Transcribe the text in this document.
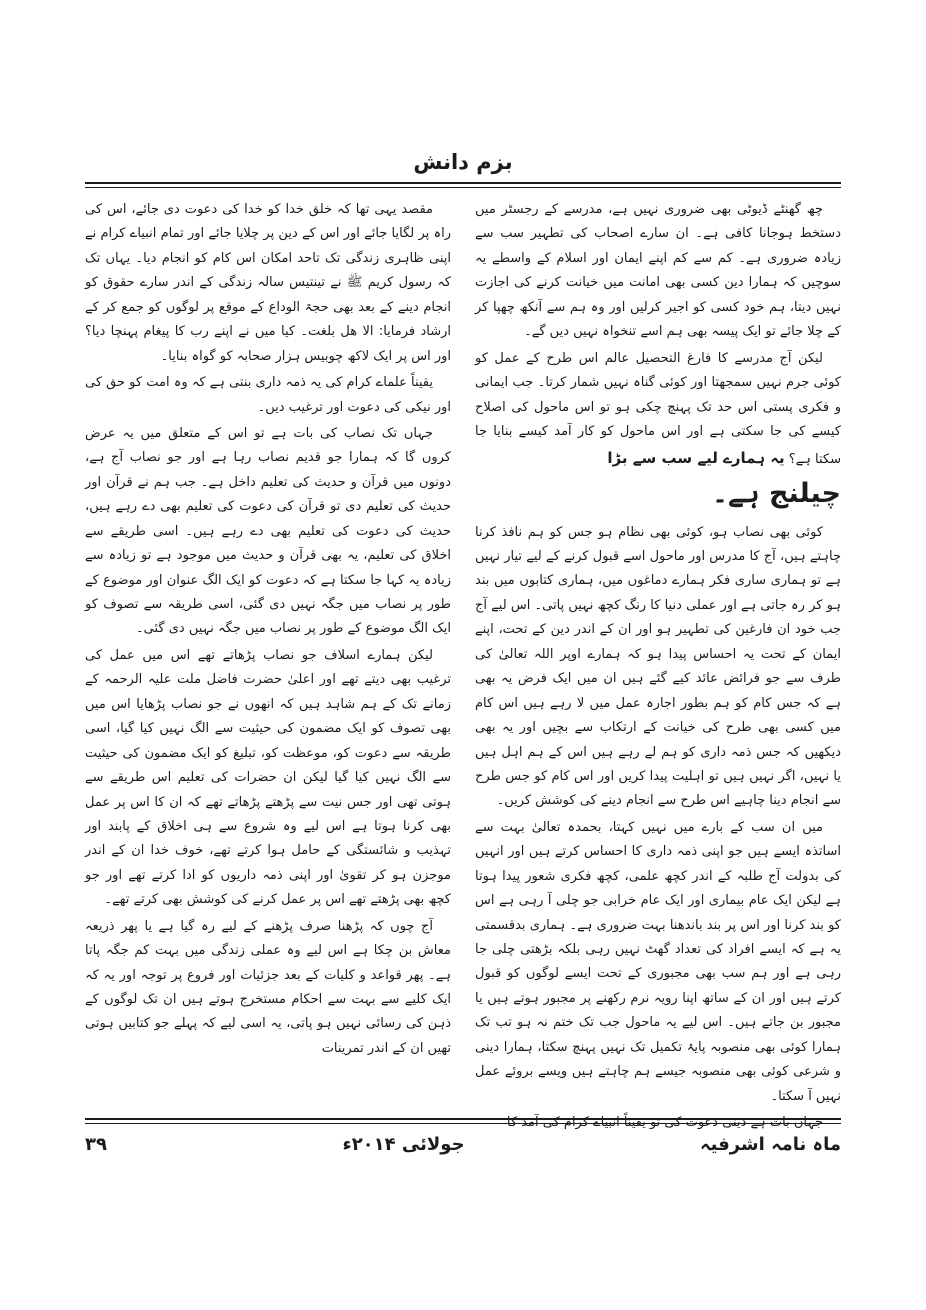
بزم دانش

چھ گھنٹے ڈیوٹی بھی ضروری نہیں ہے، مدرسے کے رجسٹر میں دستخط ہوجانا کافی ہے۔ ان سارے اصحاب کی تطہیر سب سے زیادہ ضروری ہے۔ کم سے کم اپنے ایمان اور اسلام کے واسطے یہ سوچیں کہ ہمارا دین کسی بھی امانت میں خیانت کرنے کی اجازت نہیں دیتا، ہم خود کسی کو اجیر کرلیں اور وہ ہم سے آنکھ چھپا کر کے چلا جائے تو ایک پیسہ بھی ہم اسے تنخواہ نہیں دیں گے۔

لیکن آج مدرسے کا فارغ التحصیل عالم اس طرح کے عمل کو کوئی جرم نہیں سمجھتا اور کوئی گناہ نہیں شمار کرتا۔ جب ایمانی و فکری پستی اس حد تک پہنچ چکی ہو تو اس ماحول کی اصلاح کیسے کی جا سکتی ہے اور اس ماحول کو کار آمد کیسے بنایا جا سکتا ہے؟ یہ ہمارے لیے سب سے بڑا

چیلنج ہے۔

کوئی بھی نصاب ہو، کوئی بھی نظام ہو جس کو ہم نافذ کرنا چاہتے ہیں، آج کا مدرس اور ماحول اسے قبول کرنے کے لیے تیار نہیں ہے تو ہماری ساری فکر ہمارے دماغوں میں، ہماری کتابوں میں بند ہو کر رہ جاتی ہے اور عملی دنیا کا رنگ کچھ نہیں پاتی۔ اس لیے آج جب خود ان فارغین کی تطہیر ہو اور ان کے اندر دین کے تحت، اپنے ایمان کے تحت یہ احساس پیدا ہو کہ ہمارے اوپر اللہ تعالیٰ کی طرف سے جو فرائض عائد کیے گئے ہیں ان میں ایک فرض یہ بھی ہے کہ جس کام کو ہم بطور اجارہ عمل میں لا رہے ہیں اس کام میں کسی بھی طرح کی خیانت کے ارتکاب سے بچیں اور یہ بھی دیکھیں کہ جس ذمہ داری کو ہم لے رہے ہیں اس کے ہم اہل ہیں یا نہیں، اگر نہیں ہیں تو اہلیت پیدا کریں اور اس کام کو جس طرح سے انجام دینا چاہیے اس طرح سے انجام دینے کی کوشش کریں۔

میں ان سب کے بارے میں نہیں کہتا، بحمدہ تعالیٰ بہت سے اساتذہ ایسے ہیں جو اپنی ذمہ داری کا احساس کرتے ہیں اور انہیں کی بدولت آج طلبہ کے اندر کچھ علمی، کچھ فکری شعور پیدا ہوتا ہے لیکن ایک عام بیماری اور ایک عام خرابی جو چلی آ رہی ہے اس کو بند کرنا اور اس پر بند باندھنا بہت ضروری ہے۔ ہماری بدقسمتی یہ ہے کہ ایسے افراد کی تعداد گھٹ نہیں رہی بلکہ بڑھتی چلی جا رہی ہے اور ہم سب بھی مجبوری کے تحت ایسے لوگوں کو قبول کرتے ہیں اور ان کے ساتھ اپنا رویہ نرم رکھنے پر مجبور ہوتے ہیں یا مجبور بن جاتے ہیں۔ اس لیے یہ ماحول جب تک ختم نہ ہو تب تک ہمارا کوئی بھی منصوبہ پایۂ تکمیل تک نہیں پہنچ سکتا، ہمارا دینی و شرعی کوئی بھی منصوبہ جیسے ہم چاہتے ہیں ویسے بروئے عمل نہیں آ سکتا۔

جہاں بات ہے دینی دعوت کی تو یقیناً انبیاے کرام کی آمد کا

مقصد یہی تھا کہ خلق خدا کو خدا کی دعوت دی جائے، اس کی راہ پر لگایا جائے اور اس کے دین پر چلایا جائے اور تمام انبیاے کرام نے اپنی ظاہری زندگی تک تاحد امکان اس کام کو انجام دیا۔ یہاں تک کہ رسول کریم ﷺ نے تینتیس سالہ زندگی کے اندر سارے حقوق کو انجام دینے کے بعد بھی حجۃ الوداع کے موقع پر لوگوں کو جمع کر کے ارشاد فرمایا: الا ھل بلغت۔ کیا میں نے اپنے رب کا پیغام پہنچا دیا؟ اور اس پر ایک لاکھ چوبیس ہزار صحابہ کو گواہ بنایا۔

یقیناً علماے کرام کی یہ ذمہ داری بنتی ہے کہ وہ امت کو حق کی اور نیکی کی دعوت اور ترغیب دیں۔

جہاں تک نصاب کی بات ہے تو اس کے متعلق میں یہ عرض کروں گا کہ ہمارا جو قدیم نصاب رہا ہے اور جو نصاب آج ہے، دونوں میں قرآن و حدیث کی تعلیم داخل ہے۔ جب ہم نے قرآن اور حدیث کی تعلیم دی تو قرآن کی دعوت کی تعلیم بھی دے رہے ہیں، حدیث کی دعوت کی تعلیم بھی دے رہے ہیں۔ اسی طریقے سے اخلاق کی تعلیم، یہ بھی قرآن و حدیث میں موجود ہے تو زیادہ سے زیادہ یہ کہا جا سکتا ہے کہ دعوت کو ایک الگ عنوان اور موضوع کے طور پر نصاب میں جگہ نہیں دی گئی، اسی طریقہ سے تصوف کو ایک الگ موضوع کے طور پر نصاب میں جگہ نہیں دی گئی۔

لیکن ہمارے اسلاف جو نصاب پڑھاتے تھے اس میں عمل کی ترغیب بھی دیتے تھے اور اعلیٰ حضرت فاضل ملت علیہ الرحمہ کے زمانے تک کے ہم شاہد ہیں کہ انھوں نے جو نصاب پڑھایا اس میں بھی تصوف کو ایک مضمون کی حیثیت سے الگ نہیں کیا گیا، اسی طریقہ سے دعوت کو، موعظت کو، تبلیغ کو ایک مضمون کی حیثیت سے الگ نہیں کیا گیا لیکن ان حضرات کی تعلیم اس طریقے سے ہوتی تھی اور جس نیت سے پڑھتے پڑھاتے تھے کہ ان کا اس پر عمل بھی کرنا ہوتا ہے اس لیے وہ شروع سے ہی اخلاق کے پابند اور تہذیب و شائستگی کے حامل ہوا کرتے تھے، خوف خدا ان کے اندر موجزن ہو کر تقویٰ اور اپنی ذمہ داریوں کو ادا کرتے تھے اور جو کچھ بھی پڑھتے تھے اس پر عمل کرنے کی کوشش بھی کرتے تھے۔

آج چوں کہ پڑھنا صرف پڑھنے کے لیے رہ گیا ہے یا پھر ذریعہ معاش بن چکا ہے اس لیے وہ عملی زندگی میں بہت کم جگہ پاتا ہے۔ پھر قواعد و کلیات کے بعد جزئیات اور فروع پر توجہ اور یہ کہ ایک کلیے سے بہت سے احکام مستخرج ہوتے ہیں ان تک لوگوں کے ذہن کی رسائی نہیں ہو پاتی، یہ اسی لیے کہ پہلے جو کتابیں ہوتی تھیں ان کے اندر تمرینات

ماہ نامہ اشرفیہ
جولائی ۲۰۱۴ء
۳۹
